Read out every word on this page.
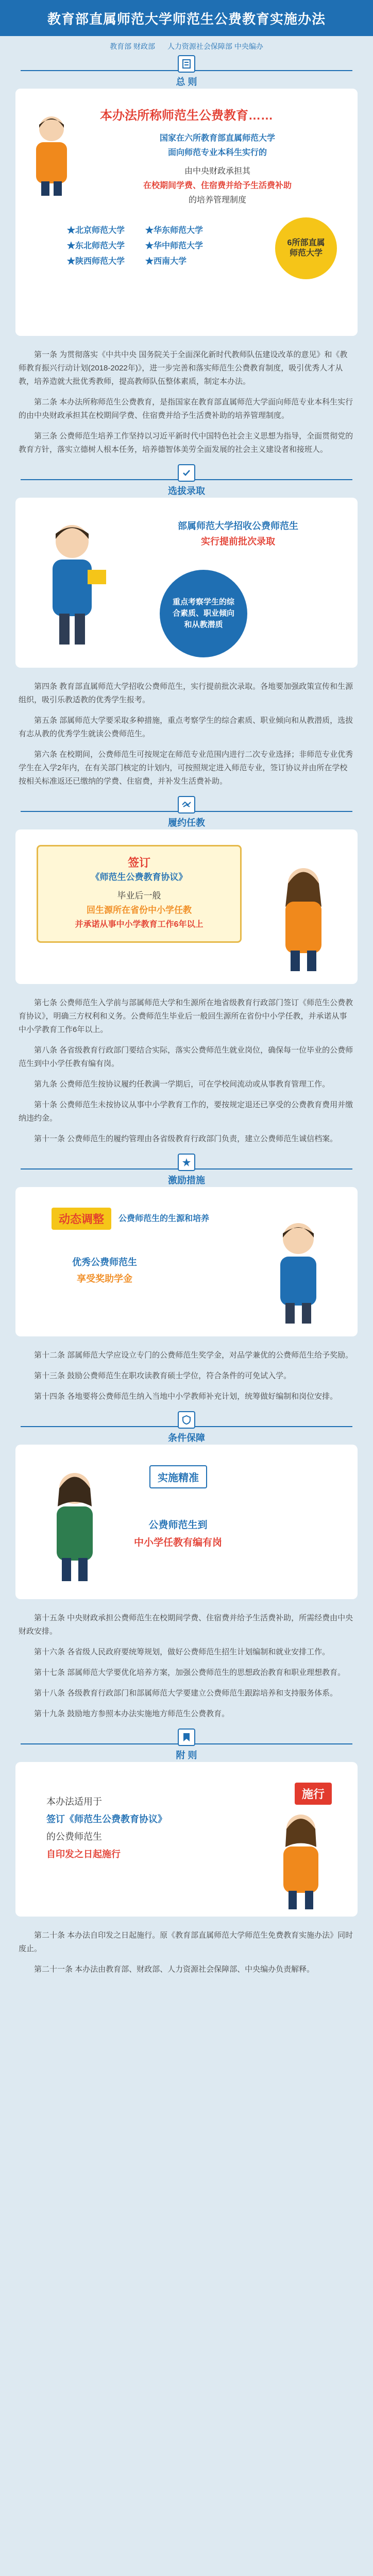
教育部直属师范大学师范生公费教育实施办法
教育部 财政部 人力资源社会保障部 中央编办
总 则
本办法所称师范生公费教育……
国家在六所教育部直属师范大学
面向师范专业本科生实行的
由中央财政承担其
在校期间学费、住宿费并给予生活费补助
的培养管理制度
6所部直属 师范大学
★北京师范大学
★东北师范大学
★陕西师范大学
★华东师范大学
★华中师范大学
★西南大学

第一条 为贯彻落实《中共中央 国务院关于全面深化新时代教师队伍建设改革的意见》和《教师教育振兴行动计划(2018-2022年)》，进一步完善和落实师范生公费教育制度，吸引优秀人才从教，培养造就大批优秀教师，提高教师队伍整体素质，制定本办法。

第二条 本办法所称师范生公费教育，是指国家在教育部直属师范大学面向师范专业本科生实行的由中央财政承担其在校期间学费、住宿费并给予生活费补助的培养管理制度。

第三条 公费师范生培养工作坚持以习近平新时代中国特色社会主义思想为指导，全面贯彻党的教育方针，落实立德树人根本任务，培养德智体美劳全面发展的社会主义建设者和接班人。

选拔录取
部属师范大学招收公费师范生
实行提前批次录取
重点考察学生的综合素质、职业倾向和从教潜质

第四条 教育部直属师范大学招收公费师范生，实行提前批次录取。各地要加强政策宣传和生源组织，吸引乐教适教的优秀学生报考。

第五条 部属师范大学要采取多种措施，重点考察学生的综合素质、职业倾向和从教潜质，选拔有志从教的优秀学生就读公费师范生。

第六条 在校期间，公费师范生可按规定在师范专业范围内进行二次专业选择；非师范专业优秀学生在入学2年内，在有关部门核定的计划内，可按照规定进入师范专业，签订协议并由所在学校按相关标准返还已缴纳的学费、住宿费，并补发生活费补助。

履约任教
签订
《师范生公费教育协议》
毕业后一般
回生源所在省份中小学任教
并承诺从事中小学教育工作6年以上

第七条 公费师范生入学前与部属师范大学和生源所在地省级教育行政部门签订《师范生公费教育协议》，明确三方权利和义务。公费师范生毕业后一般回生源所在省份中小学任教，并承诺从事中小学教育工作6年以上。

第八条 各省级教育行政部门要结合实际，落实公费师范生就业岗位，确保每一位毕业的公费师范生到中小学任教有编有岗。

第九条 公费师范生按协议履约任教满一学期后，可在学校间流动或从事教育管理工作。

第十条 公费师范生未按协议从事中小学教育工作的，要按规定退还已享受的公费教育费用并缴纳违约金。

第十一条 公费师范生的履约管理由各省级教育行政部门负责，建立公费师范生诚信档案。

激励措施
动态调整	公费师范生的生源和培养
优秀公费师范生
享受奖助学金

第十二条 部属师范大学应设立专门的公费师范生奖学金，对品学兼优的公费师范生给予奖励。

第十三条 鼓励公费师范生在职攻读教育硕士学位，符合条件的可免试入学。

第十四条 各地要将公费师范生纳入当地中小学教师补充计划，统筹做好编制和岗位安排。

条件保障
实施精准
公费师范生到
中小学任教有编有岗

第十五条 中央财政承担公费师范生在校期间学费、住宿费并给予生活费补助，所需经费由中央财政安排。

第十六条 各省级人民政府要统筹规划，做好公费师范生招生计划编制和就业安排工作。

第十七条 部属师范大学要优化培养方案，加强公费师范生的思想政治教育和职业理想教育。

第十八条 各级教育行政部门和部属师范大学要建立公费师范生跟踪培养和支持服务体系。

第十九条 鼓励地方参照本办法实施地方师范生公费教育。

附 则
施行
本办法适用于
签订《师范生公费教育协议》
的公费师范生
自印发之日起施行

第二十条 本办法自印发之日起施行。原《教育部直属师范大学师范生免费教育实施办法》同时废止。

第二十一条 本办法由教育部、财政部、人力资源社会保障部、中央编办负责解释。
